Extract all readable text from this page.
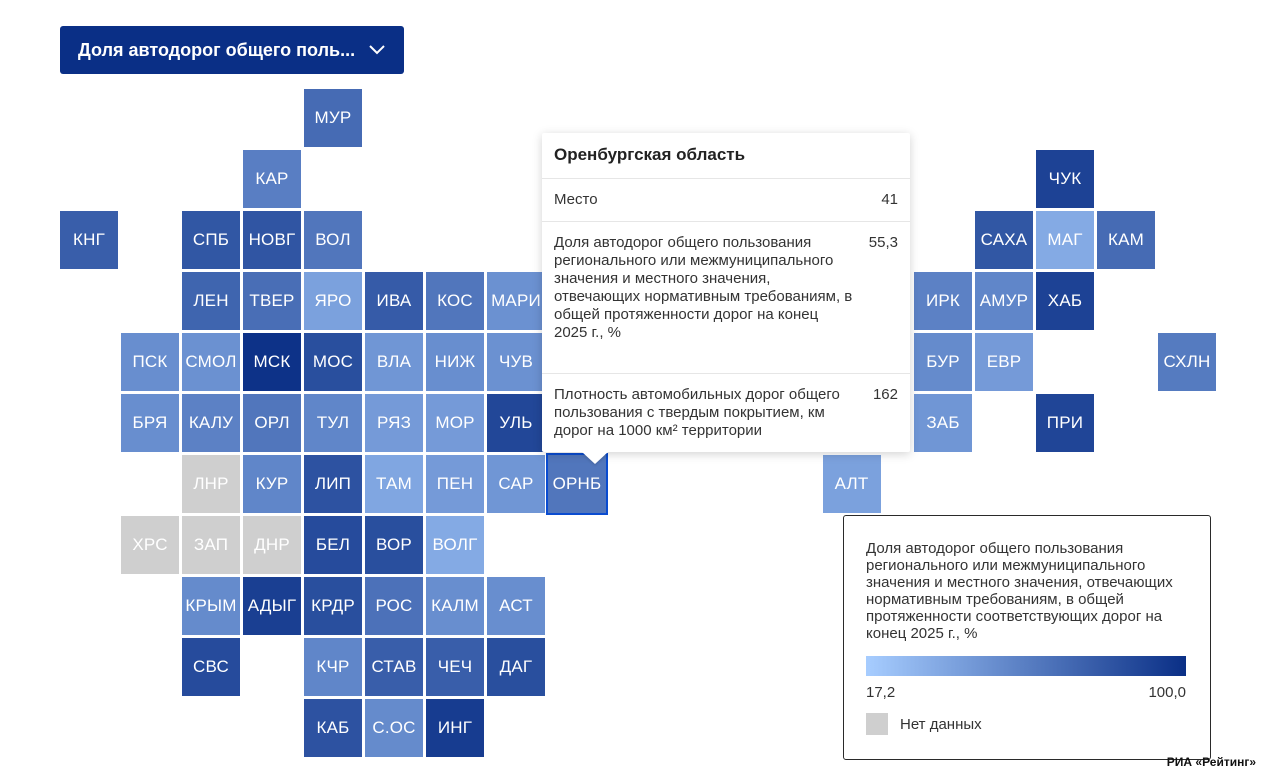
МУР
КАР	ЧУК
КНГ	СПБ	НОВГ	ВОЛ	САХА	МАГ	КАМ
ЛЕН	ТВЕР	ЯРО	ИВА	КОС	МАРИ	ИРК	АМУР	ХАБ
ПСК	СМОЛ МСК	МОС	ВЛА	НИЖ	ЧУВ	БУР	ЕВР	СХЛН
БРЯ	КАЛУ	ОРЛ	ТУЛ	РЯЗ	МОР	УЛЬ	ЗАБ	ПРИ
ЛНР	КУР	ЛИП	ТАМ	ПЕН	САР	ОРНБ	АЛТ
ХРС	ЗАП	ДНР	БЕЛ	ВОР	ВОЛГ
КРЫМ АДЫГ КРДР	РОС	КАЛМ	АСТ
СВС	КЧР	СТАВ	ЧЕЧ	ДАГ
КАБ	С.ОС	ИНГ
Доля автодорог общего поль...
Оренбургская область
Место	41
Доля автодорог общего пользования регионального или межмуниципального значения и местного значения, отвечающих нормативным требованиям, в общей протяженности дорог на конец 2025 г., %
55,3
Плотность автомобильных дорог общего пользования с твердым покрытием, км дорог на 1000 км² территории
162
Доля автодорог общего пользования регионального или межмуниципального значения и местного значения, отвечающих нормативным требованиям, в общей протяженности соответствующих дорог на конец 2025 г., %
17,2	100,0
Нет данных
РИА «Рейтинг»
